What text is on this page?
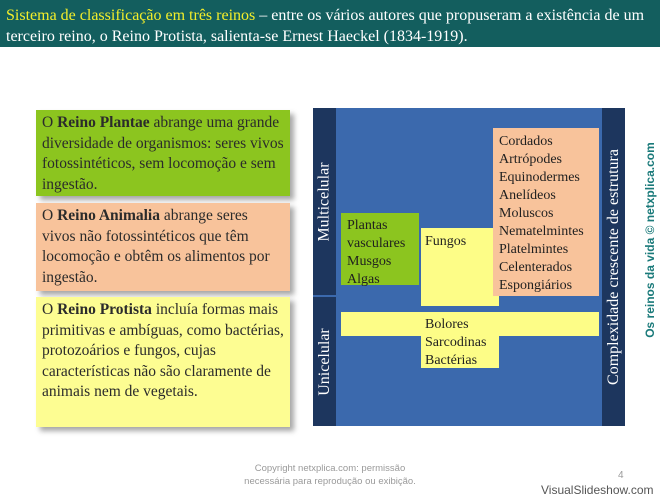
Sistema de classificação em três reinos – entre os vários autores que propuseram a existência de um terceiro reino, o Reino Protista, salienta-se Ernest Haeckel (1834-1919).
O Reino Plantae abrange uma grande diversidade de organismos: seres vivos fotossintéticos, sem locomoção e sem ingestão.
O Reino Animalia abrange seres vivos não fotossintéticos que têm locomoção e obtêm os alimentos por ingestão.
O Reino Protista incluía formas mais primitivas e ambíguas, como bactérias, protozoários e fungos, cujas características não são claramente de animais nem de vegetais.
Multicelular
Unicelular	Complexidade crescente de estrutura
Fungos
Bolores
Sarcodinas
Bactérias
Plantas
vasculares
Musgos
Algas
Cordados
Artrópodes
Equinodermes
Anelídeos
Moluscos
Nematelmintes
Platelmintes
Celenterados
Espongiários	Os reinos da vida © netxplica.com
Copyright netxplica.com: permissão
necessária para reprodução ou exibição.
4
VisualSlideshow.com
